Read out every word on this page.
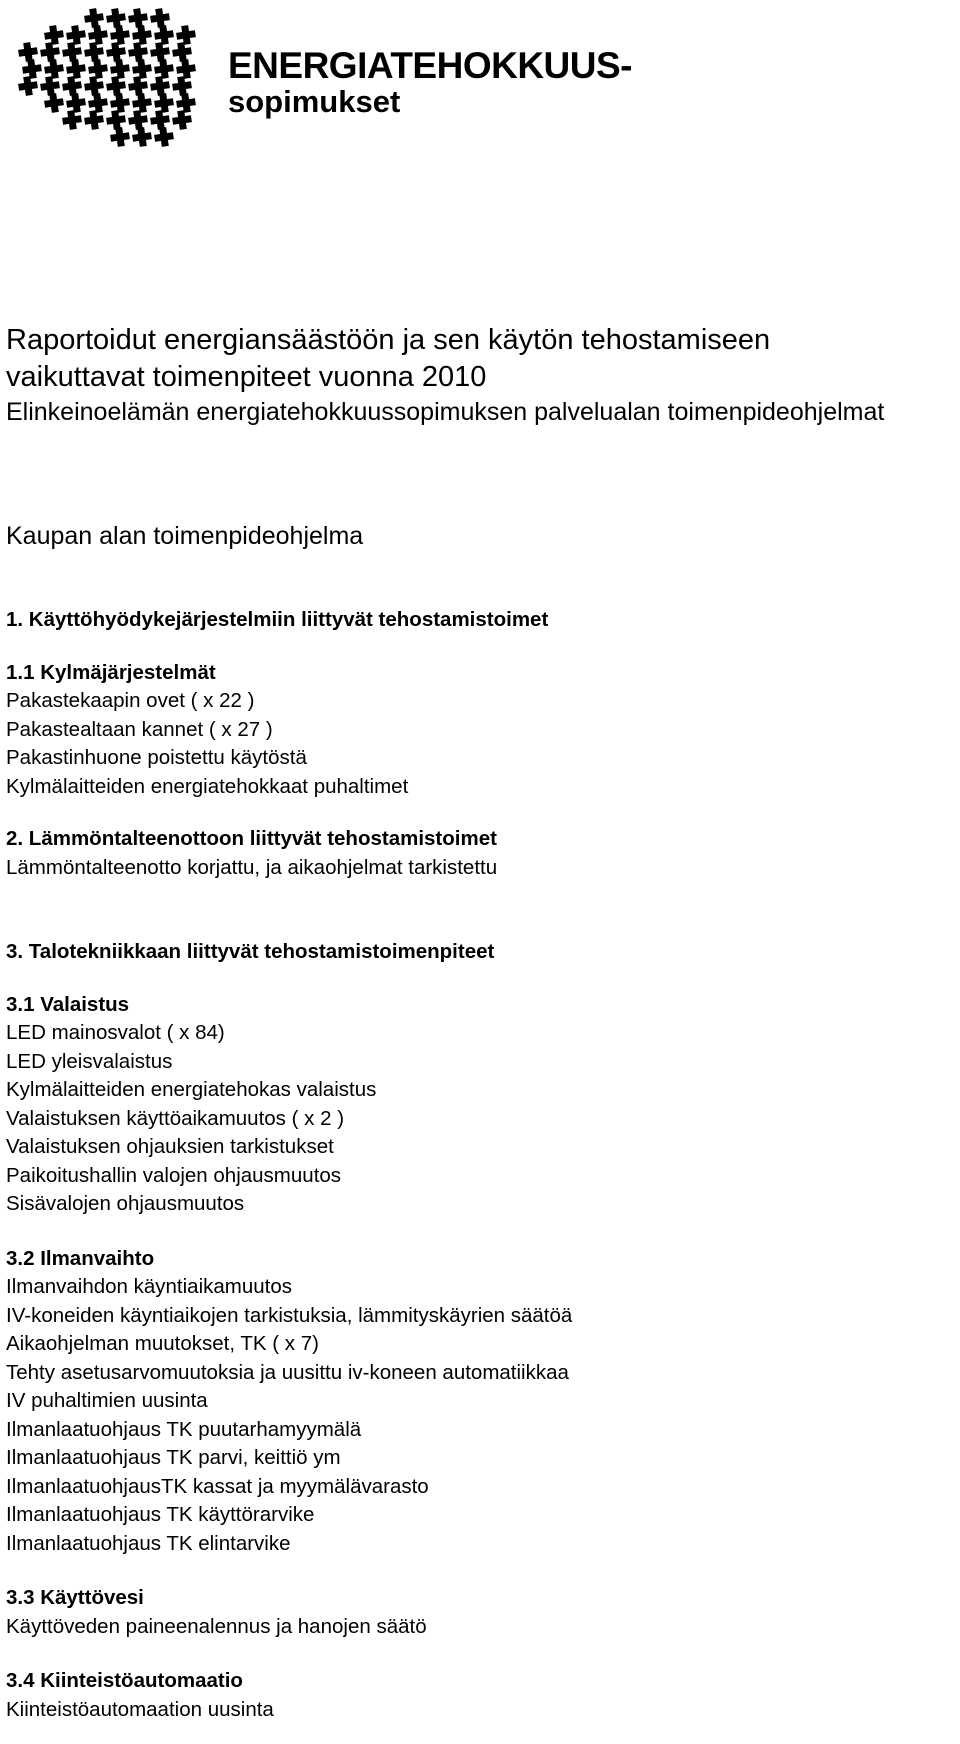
ENERGIATEHOKKUUS-
sopimukset
Raportoidut energiansäästöön ja sen käytön tehostamiseen
vaikuttavat toimenpiteet vuonna 2010
Elinkeinoelämän energiatehokkuussopimuksen palvelualan toimenpideohjelmat
Kaupan alan toimenpideohjelma
1. Käyttöhyödykejärjestelmiin liittyvät tehostamistoimet
1.1 Kylmäjärjestelmät
Pakastekaapin ovet ( x 22 )
Pakastealtaan kannet ( x 27 )
Pakastinhuone poistettu käytöstä
Kylmälaitteiden energiatehokkaat puhaltimet
2. Lämmöntalteenottoon liittyvät tehostamistoimet
Lämmöntalteenotto korjattu, ja aikaohjelmat tarkistettu
3. Talotekniikkaan liittyvät tehostamistoimenpiteet
3.1 Valaistus
LED mainosvalot ( x 84)
LED yleisvalaistus
Kylmälaitteiden energiatehokas valaistus
Valaistuksen käyttöaikamuutos ( x 2 )
Valaistuksen ohjauksien tarkistukset
Paikoitushallin valojen ohjausmuutos
Sisävalojen ohjausmuutos
3.2 Ilmanvaihto
Ilmanvaihdon käyntiaikamuutos
IV-koneiden käyntiaikojen tarkistuksia, lämmityskäyrien säätöä
Aikaohjelman muutokset, TK ( x 7)
Tehty asetusarvomuutoksia ja uusittu iv-koneen automatiikkaa
IV puhaltimien uusinta
Ilmanlaatuohjaus TK puutarhamyymälä
Ilmanlaatuohjaus TK parvi, keittiö ym
IlmanlaatuohjausTK kassat ja myymälävarasto
Ilmanlaatuohjaus TK käyttörarvike
Ilmanlaatuohjaus TK elintarvike
3.3 Käyttövesi
Käyttöveden paineenalennus ja hanojen säätö
3.4 Kiinteistöautomaatio
Kiinteistöautomaation uusinta
